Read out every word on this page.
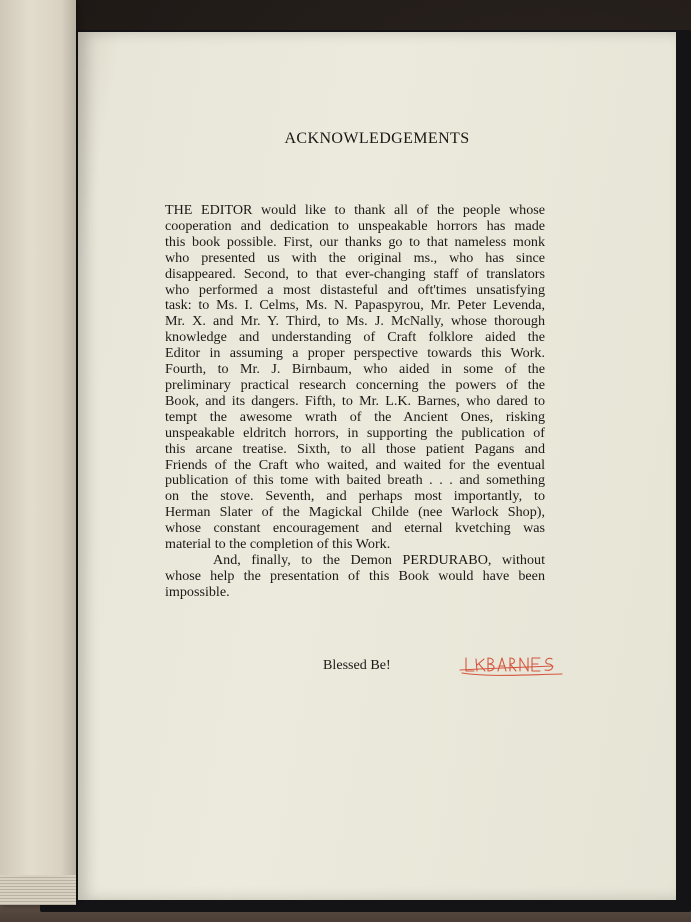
ACKNOWLEDGEMENTS
THE EDITOR would like to thank all of the people whose
cooperation and dedication to unspeakable horrors has made
this book possible. First, our thanks go to that nameless monk
who presented us with the original ms., who has since
disappeared. Second, to that ever-changing staff of translators
who performed a most distasteful and oft'times unsatisfying
task: to Ms. I. Celms, Ms. N. Papaspyrou, Mr. Peter Levenda,
Mr. X. and Mr. Y. Third, to Ms. J. McNally, whose thorough
knowledge and understanding of Craft folklore aided the
Editor in assuming a proper perspective towards this Work.
Fourth, to Mr. J. Birnbaum, who aided in some of the
preliminary practical research concerning the powers of the
Book, and its dangers. Fifth, to Mr. L.K. Barnes, who dared to
tempt the awesome wrath of the Ancient Ones, risking
unspeakable eldritch horrors, in supporting the publication of
this arcane treatise. Sixth, to all those patient Pagans and
Friends of the Craft who waited, and waited for the eventual
publication of this tome with baited breath . . . and something
on the stove. Seventh, and perhaps most importantly, to
Herman Slater of the Magickal Childe (nee Warlock Shop),
whose constant encouragement and eternal kvetching was
material to the completion of this Work.
And, finally, to the Demon PERDURABO, without
whose help the presentation of this Book would have been
impossible.

Blessed Be!
